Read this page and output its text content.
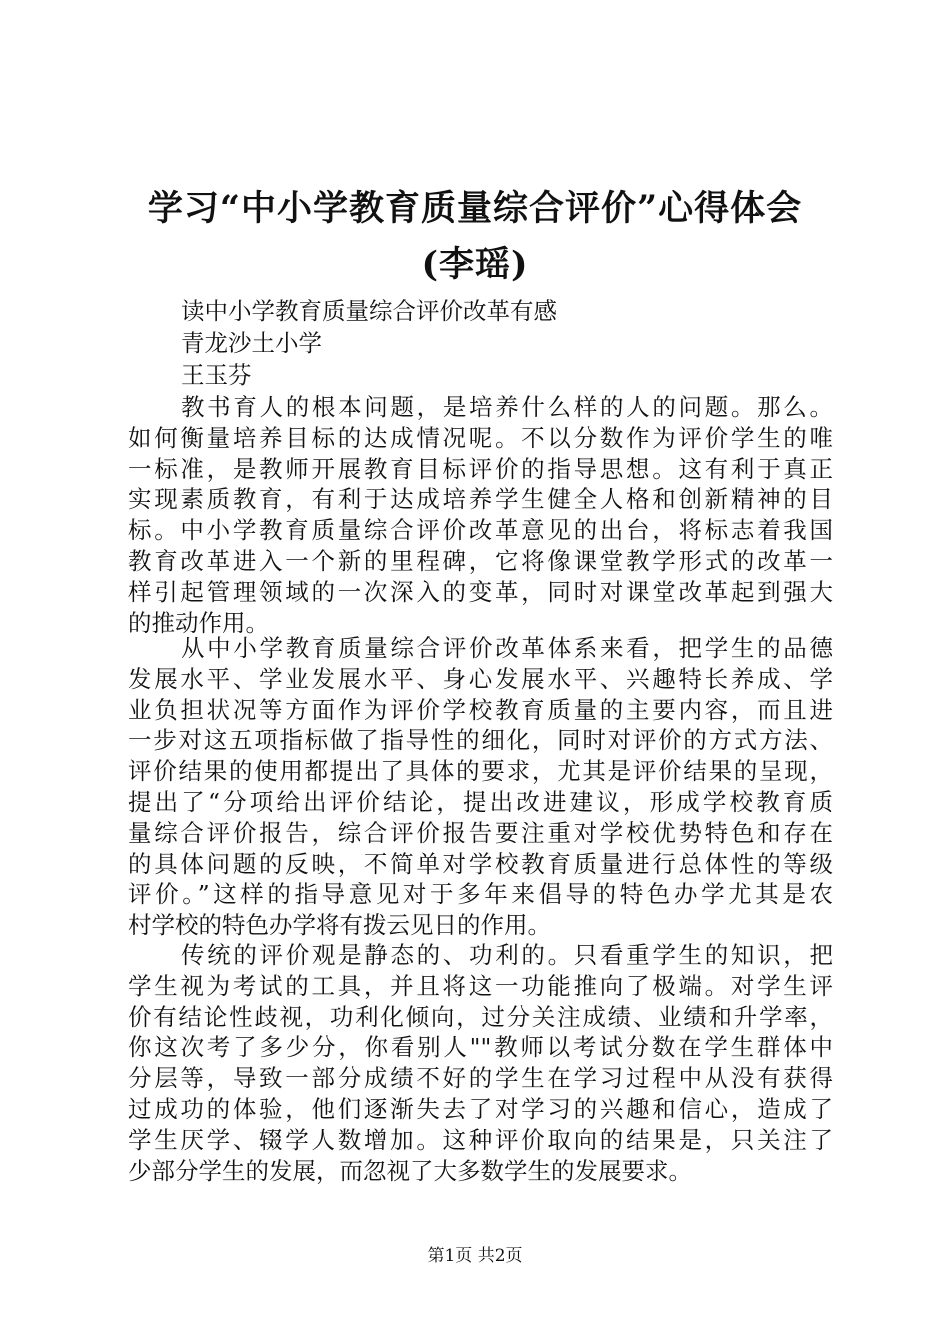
学习“中小学教育质量综合评价”心得体会
(李瑶)
读中小学教育质量综合评价改革有感
青龙沙土小学
王玉芬
教书育人的根本问题，是培养什么样的人的问题。那么。
如何衡量培养目标的达成情况呢。不以分数作为评价学生的唯
一标准，是教师开展教育目标评价的指导思想。这有利于真正
实现素质教育，有利于达成培养学生健全人格和创新精神的目
标。中小学教育质量综合评价改革意见的出台，将标志着我国
教育改革进入一个新的里程碑，它将像课堂教学形式的改革一
样引起管理领域的一次深入的变革，同时对课堂改革起到强大
的推动作用。
从中小学教育质量综合评价改革体系来看，把学生的品德
发展水平、学业发展水平、身心发展水平、兴趣特长养成、学
业负担状况等方面作为评价学校教育质量的主要内容，而且进
一步对这五项指标做了指导性的细化，同时对评价的方式方法、
评价结果的使用都提出了具体的要求，尤其是评价结果的呈现，
提出了“分项给出评价结论，提出改进建议，形成学校教育质
量综合评价报告，综合评价报告要注重对学校优势特色和存在
的具体问题的反映，不简单对学校教育质量进行总体性的等级
评价。”这样的指导意见对于多年来倡导的特色办学尤其是农
村学校的特色办学将有拨云见日的作用。
传统的评价观是静态的、功利的。只看重学生的知识，把
学生视为考试的工具，并且将这一功能推向了极端。对学生评
价有结论性歧视，功利化倾向，过分关注成绩、业绩和升学率，
你这次考了多少分，你看别人""教师以考试分数在学生群体中
分层等，导致一部分成绩不好的学生在学习过程中从没有获得
过成功的体验，他们逐渐失去了对学习的兴趣和信心，造成了
学生厌学、辍学人数增加。这种评价取向的结果是，只关注了
少部分学生的发展，而忽视了大多数学生的发展要求。
第1页 共2页
